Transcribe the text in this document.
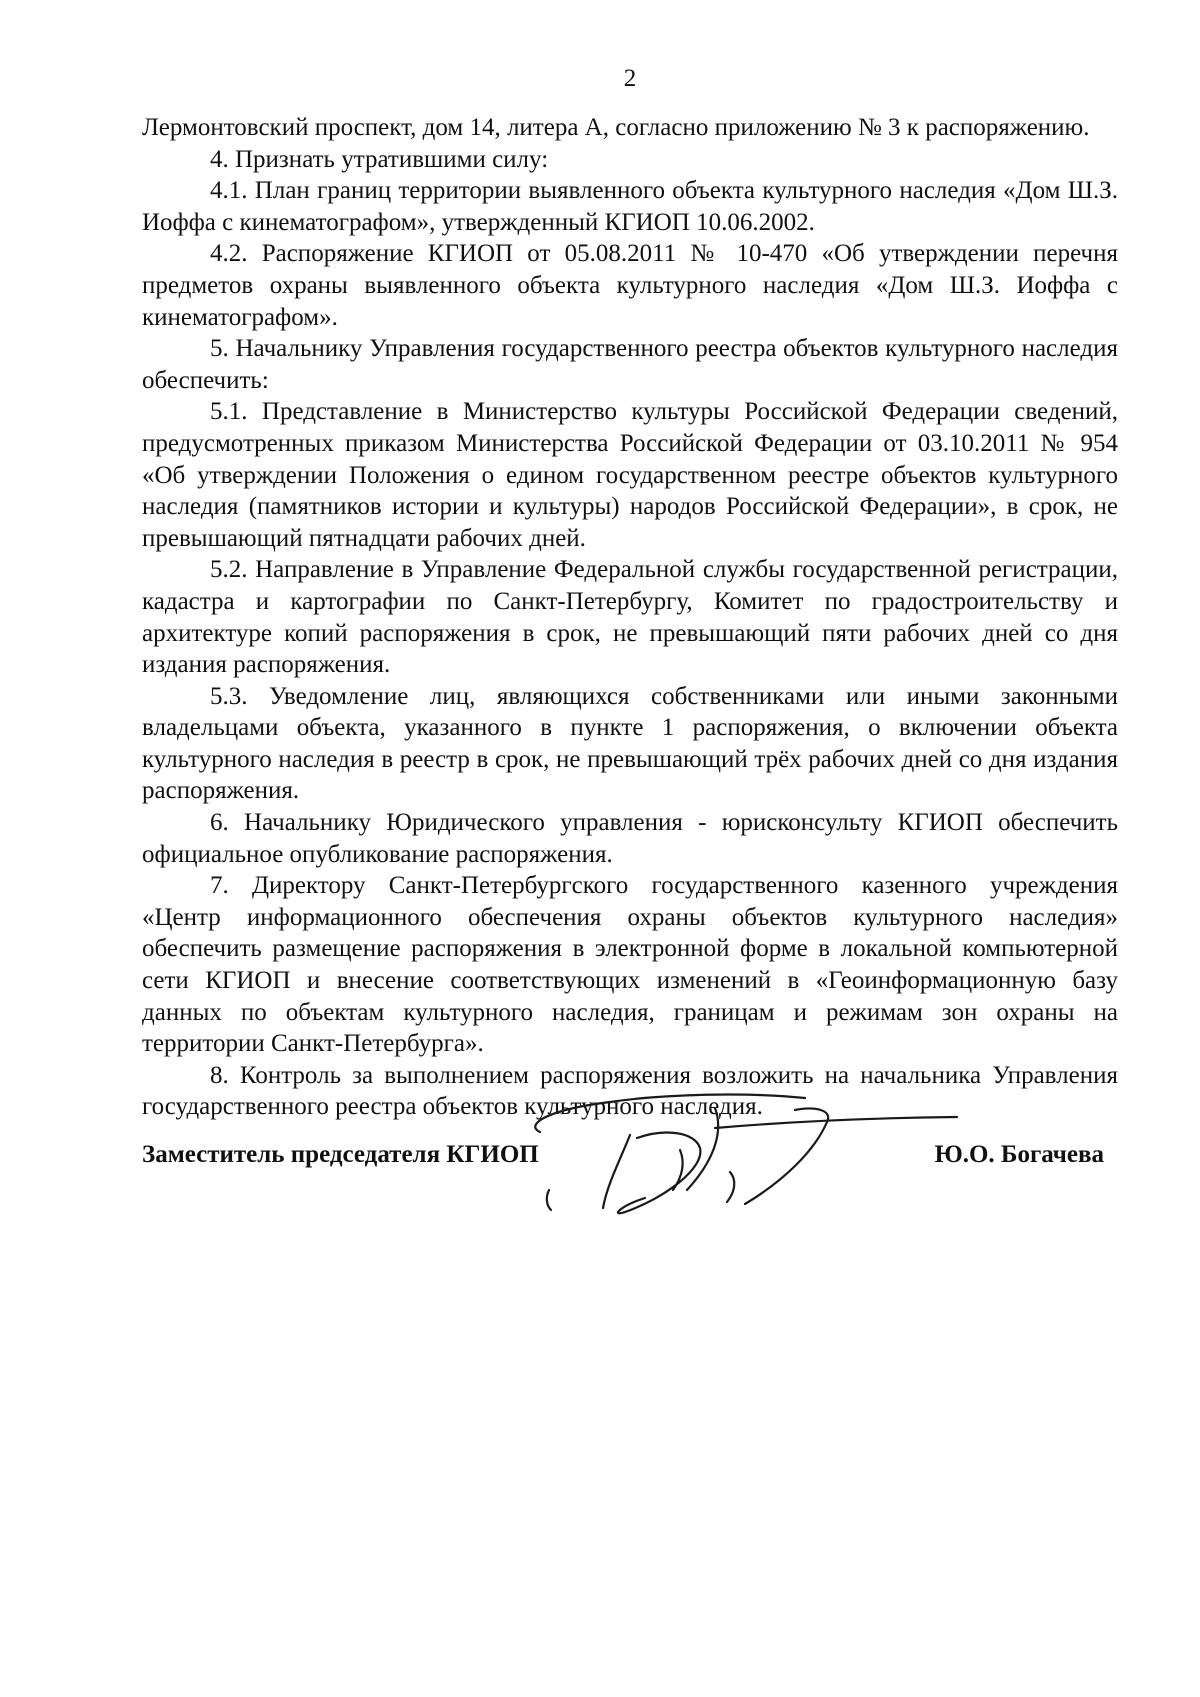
2

Лермонтовский проспект, дом 14, литера А, согласно приложению № 3 к распоряжению.

4. Признать утратившими силу:

4.1. План границ территории выявленного объекта культурного наследия «Дом Ш.З. Иоффа с кинематографом», утвержденный КГИОП 10.06.2002.

4.2. Распоряжение КГИОП от 05.08.2011 № 10-470 «Об утверждении перечня предметов охраны выявленного объекта культурного наследия «Дом Ш.З. Иоффа с кинематографом».

5. Начальнику Управления государственного реестра объектов культурного наследия обеспечить:

5.1. Представление в Министерство культуры Российской Федерации сведений, предусмотренных приказом Министерства Российской Федерации от 03.10.2011 № 954 «Об утверждении Положения о едином государственном реестре объектов культурного наследия (памятников истории и культуры) народов Российской Федерации», в срок, не превышающий пятнадцати рабочих дней.

5.2. Направление в Управление Федеральной службы государственной регистрации, кадастра и картографии по Санкт-Петербургу, Комитет по градостроительству и архитектуре копий распоряжения в срок, не превышающий пяти рабочих дней со дня издания распоряжения.

5.3. Уведомление лиц, являющихся собственниками или иными законными владельцами объекта, указанного в пункте 1 распоряжения, о включении объекта культурного наследия в реестр в срок, не превышающий трёх рабочих дней со дня издания распоряжения.

6. Начальнику Юридического управления - юрисконсульту КГИОП обеспечить официальное опубликование распоряжения.

7. Директору Санкт-Петербургского государственного казенного учреждения «Центр информационного обеспечения охраны объектов культурного наследия» обеспечить размещение распоряжения в электронной форме в локальной компьютерной сети КГИОП и внесение соответствующих изменений в «Геоинформационную базу данных по объектам культурного наследия, границам и режимам зон охраны на территории Санкт-Петербурга».

8. Контроль за выполнением распоряжения возложить на начальника Управления государственного реестра объектов культурного наследия.

Заместитель председателя КГИОП	Ю.О. Богачева
